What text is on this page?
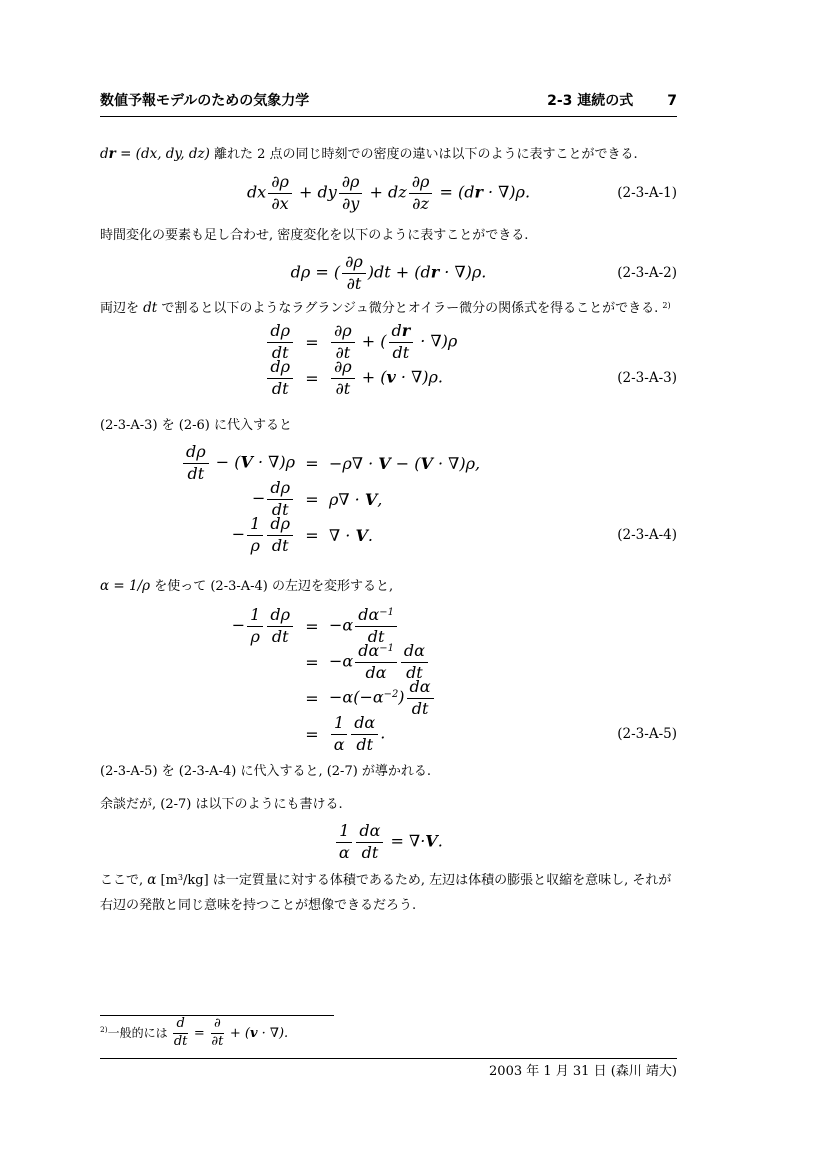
数値予報モデルのための気象力学	2-3 連続の式 7
dr = (dx, dy, dz) 離れた 2 点の同じ時刻での密度の違いは以下のように表すことができる.
dx $\frac{\partial\rho}{\partial x}$ + dy $\frac{\partial\rho}{\partial y}$ + dz $\frac{\partial\rho}{\partial z} = (dr \cdot \nabla)\rho$.	(2-3-A-1)
時間変化の要素も足し合わせ, 密度変化を以下のように表すことができる.
dρ = ( $\frac{\partial\rho}{\partial t} )dt + (dr \cdot \nabla)\rho$.	(2-3-A-2)
両辺を dt で割ると以下のようなラグランジュ微分とオイラー微分の関係式を得ることができる. $^{2)}$
$\frac{d\rho}{dt} = \frac{\partial\rho}{\partial t}$ + ( $\frac{dr}{dt} \cdot \nabla)\rho$
$\frac{d\rho}{dt} = \frac{\partial\rho}{\partial t} + (v \cdot \nabla)\rho$.	(2-3-A-3)
(2-3-A-3) を (2-6) に代入すると
$\frac{d\rho}{dt} - (V \cdot \nabla)\rho = -\rho\nabla \cdot V - (V \cdot \nabla)\rho$,
− $\frac{d\rho}{dt} = \rho\nabla \cdot V$,
− $\frac{1}{\rho} \frac{d\rho}{dt}$ = ∇ · V.	(2-3-A-4)
α = 1/ρ を使って (2-3-A-4) の左辺を変形すると,
− $\frac{1}{\rho} \frac{d\rho}{dt} = -\alpha \frac{d\alpha^{-1}}{dt}$
= $-\alpha \frac{d\alpha^{-1}}{d\alpha} \frac{d\alpha}{dt}$
= $-\alpha(-\alpha^{-2}) \frac{d\alpha}{dt}$
= $\frac{1}{\alpha} \frac{d\alpha}{dt}$ .	(2-3-A-5)
(2-3-A-5) を (2-3-A-4) に代入すると, (2-7) が導かれる.
余談だが, (2-7) は以下のようにも書ける.
$\frac{1}{\alpha} \frac{d\alpha}{dt} = \nabla\cdot V$.
ここで, α $[m^3/kg]$ は一定質量に対する体積であるため, 左辺は体積の膨張と収縮を意味し, それが
右辺の発散と同じ意味を持つことが想像できるだろう.
$^{2)}$一般的には $\frac{d}{dt} = \frac{\partial}{\partial t} + (v$ · ∇).
2003 年 1 月 31 日 (森川 靖大)
